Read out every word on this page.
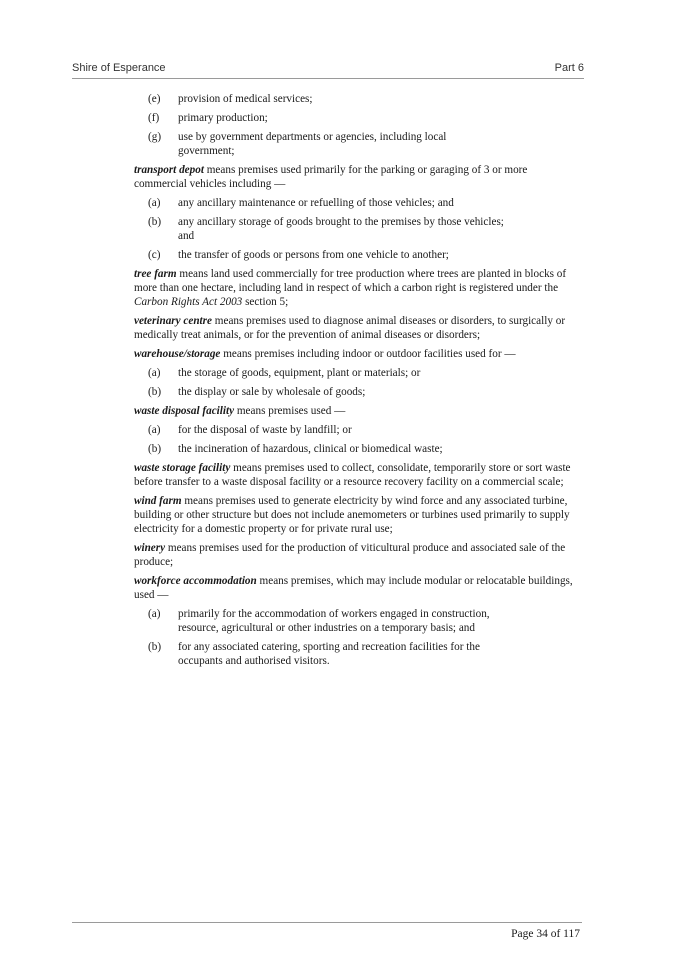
Shire of Esperance	Part 6
(e) provision of medical services;
(f) primary production;
(g) use by government departments or agencies, including local government;

transport depot means premises used primarily for the parking or garaging of 3 or more commercial vehicles including —

(a) any ancillary maintenance or refuelling of those vehicles; and
(b) any ancillary storage of goods brought to the premises by those vehicles; and
(c) the transfer of goods or persons from one vehicle to another;

tree farm means land used commercially for tree production where trees are planted in blocks of more than one hectare, including land in respect of which a carbon right is registered under the Carbon Rights Act 2003 section 5;

veterinary centre means premises used to diagnose animal diseases or disorders, to surgically or medically treat animals, or for the prevention of animal diseases or disorders;

warehouse/storage means premises including indoor or outdoor facilities used for —

(a) the storage of goods, equipment, plant or materials; or
(b) the display or sale by wholesale of goods;

waste disposal facility means premises used —

(a) for the disposal of waste by landfill; or
(b) the incineration of hazardous, clinical or biomedical waste;

waste storage facility means premises used to collect, consolidate, temporarily store or sort waste before transfer to a waste disposal facility or a resource recovery facility on a commercial scale;

wind farm means premises used to generate electricity by wind force and any associated turbine, building or other structure but does not include anemometers or turbines used primarily to supply electricity for a domestic property or for private rural use;

winery means premises used for the production of viticultural produce and associated sale of the produce;

workforce accommodation means premises, which may include modular or relocatable buildings, used —

(a) primarily for the accommodation of workers engaged in construction, resource, agricultural or other industries on a temporary basis; and
(b) for any associated catering, sporting and recreation facilities for the occupants and authorised visitors.
Page 34 of 117
